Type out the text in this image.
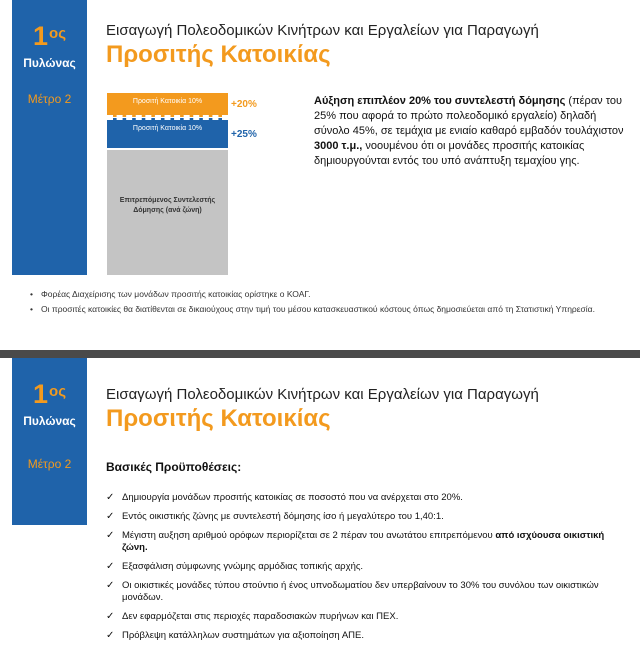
$1^{o\varsigma}$
Πυλώνας
Μέτρο 2
Εισαγωγή Πολεοδομικών Κινήτρων και Εργαλείων για Παραγωγή
Προσιτής Κατοικίας
Προσιτή Κατοικία 10%
Προσιτή Κατοικία 10%
Επιτρεπόμενος Συντελεστής Δόμησης (ανά ζώνη)
+20%
+25%
Αύξηση επιπλέον 20% του συντελεστή δόμησης (πέραν του 25% που αφορά το πρώτο πολεοδομικό εργαλείο) δηλαδή σύνολο 45%, σε τεμάχια με ενιαίο καθαρό εμβαδόν τουλάχιστον 3000 τ.μ., νοουμένου ότι οι μονάδες προσιτής κατοικίας δημιουργούνται εντός του υπό ανάπτυξη τεμαχίου γης.
• Φορέας Διαχείρισης των μονάδων προσιτής κατοικίας ορίστηκε ο ΚΟΑΓ.
• Οι προσιτές κατοικίες θα διατίθενται σε δικαιούχους στην τιμή του μέσου κατασκευαστικού κόστους όπως δημοσιεύεται από τη Στατιστική Υπηρεσία.
$1^{o\varsigma}$
Πυλώνας
Μέτρο 2
Εισαγωγή Πολεοδομικών Κινήτρων και Εργαλείων για Παραγωγή
Προσιτής Κατοικίας
Βασικές Προϋποθέσεις:
✓ Δημιουργία μονάδων προσιτής κατοικίας σε ποσοστό που να ανέρχεται στο 20%.
✓ Εντός οικιστικής ζώνης με συντελεστή δόμησης ίσο ή μεγαλύτερο του 1,40:1.
✓ Μέγιστη αυξηση αριθμού ορόφων περιορίζεται σε 2 πέραν του ανωτάτου επιτρεπόμενου από ισχύουσα οικιστική ζώνη.
✓ Εξασφάλιση σύμφωνης γνώμης αρμόδιας τοπικής αρχής.
✓ Οι οικιστικές μονάδες τύπου στούντιο ή ένος υπνοδωματίου δεν υπερβαίνουν το 30% του συνόλου των οικιστικών μονάδων.
✓ Δεν εφαρμόζεται στις περιοχές παραδοσιακών πυρήνων και ΠΕΧ.
✓ Πρόβλεψη κατάλληλων συστημάτων για αξιοποίηση ΑΠΕ.
